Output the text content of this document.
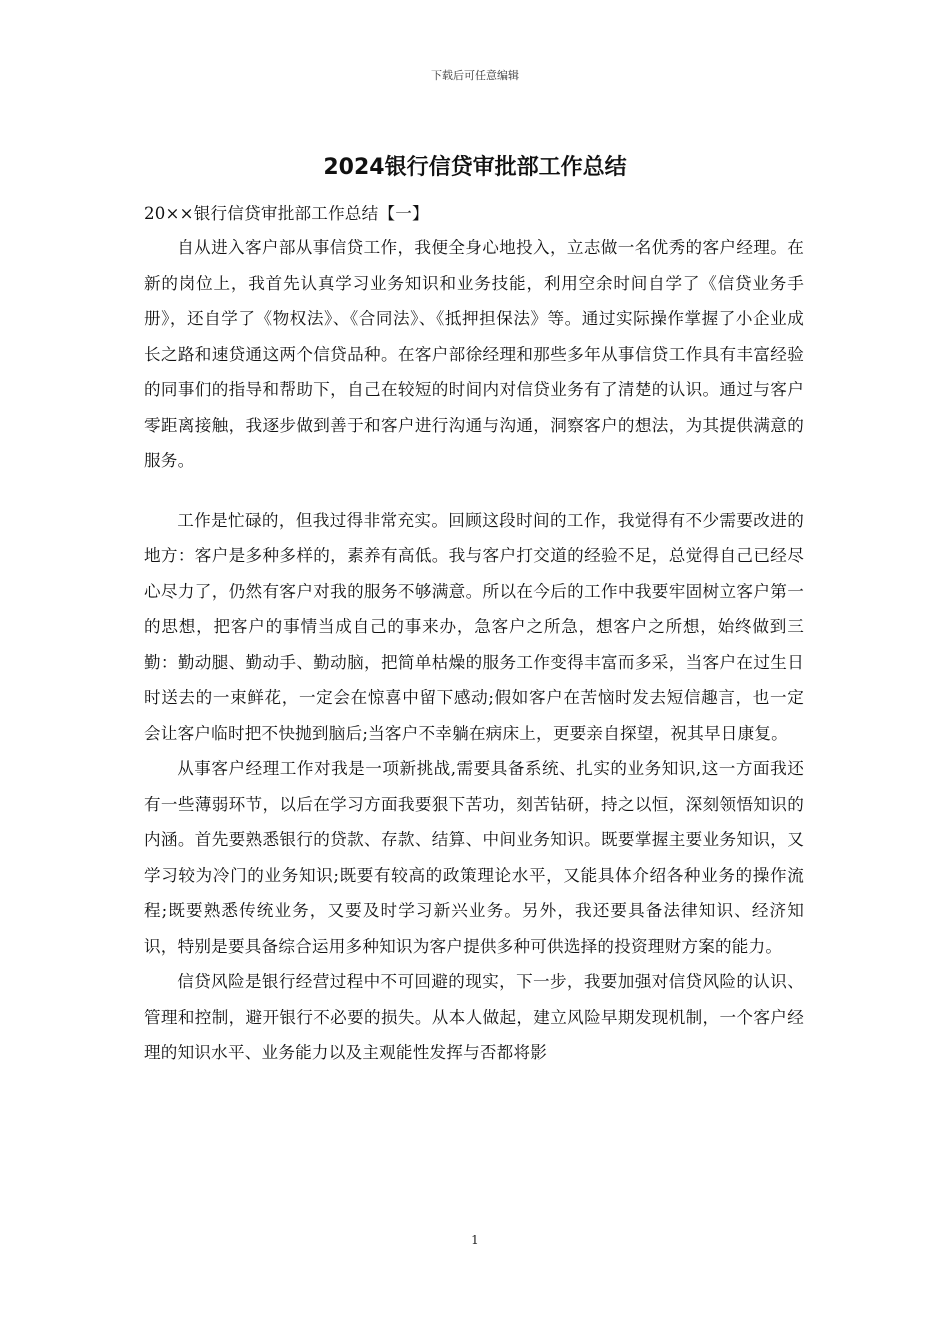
下载后可任意编辑
2024银行信贷审批部工作总结

20××银行信贷审批部工作总结【一】

自从进入客户部从事信贷工作，我便全身心地投入，立志做一名优秀的客户经理。在新的岗位上，我首先认真学习业务知识和业务技能，利用空余时间自学了《信贷业务手册》，还自学了《物权法》、《合同法》、《抵押担保法》等。通过实际操作掌握了小企业成长之路和速贷通这两个信贷品种。在客户部徐经理和那些多年从事信贷工作具有丰富经验的同事们的指导和帮助下，自己在较短的时间内对信贷业务有了清楚的认识。通过与客户零距离接触，我逐步做到善于和客户进行沟通与沟通，洞察客户的想法，为其提供满意的服务。

工作是忙碌的，但我过得非常充实。回顾这段时间的工作，我觉得有不少需要改进的地方：客户是多种多样的，素养有高低。我与客户打交道的经验不足，总觉得自己已经尽心尽力了，仍然有客户对我的服务不够满意。所以在今后的工作中我要牢固树立客户第一的思想，把客户的事情当成自己的事来办，急客户之所急，想客户之所想，始终做到三勤：勤动腿、勤动手、勤动脑，把简单枯燥的服务工作变得丰富而多采，当客户在过生日时送去的一束鲜花，一定会在惊喜中留下感动;假如客户在苦恼时发去短信趣言，也一定会让客户临时把不快抛到脑后;当客户不幸躺在病床上，更要亲自探望，祝其早日康复。

从事客户经理工作对我是一项新挑战,需要具备系统、扎实的业务知识,这一方面我还有一些薄弱环节，以后在学习方面我要狠下苦功，刻苦钻研，持之以恒，深刻领悟知识的内涵。首先要熟悉银行的贷款、存款、结算、中间业务知识。既要掌握主要业务知识，又学习较为冷门的业务知识;既要有较高的政策理论水平，又能具体介绍各种业务的操作流程;既要熟悉传统业务，又要及时学习新兴业务。另外，我还要具备法律知识、经济知识，特别是要具备综合运用多种知识为客户提供多种可供选择的投资理财方案的能力。

信贷风险是银行经营过程中不可回避的现实，下一步，我要加强对信贷风险的认识、管理和控制，避开银行不必要的损失。从本人做起，建立风险早期发现机制，一个客户经理的知识水平、业务能力以及主观能性发挥与否都将影

1
